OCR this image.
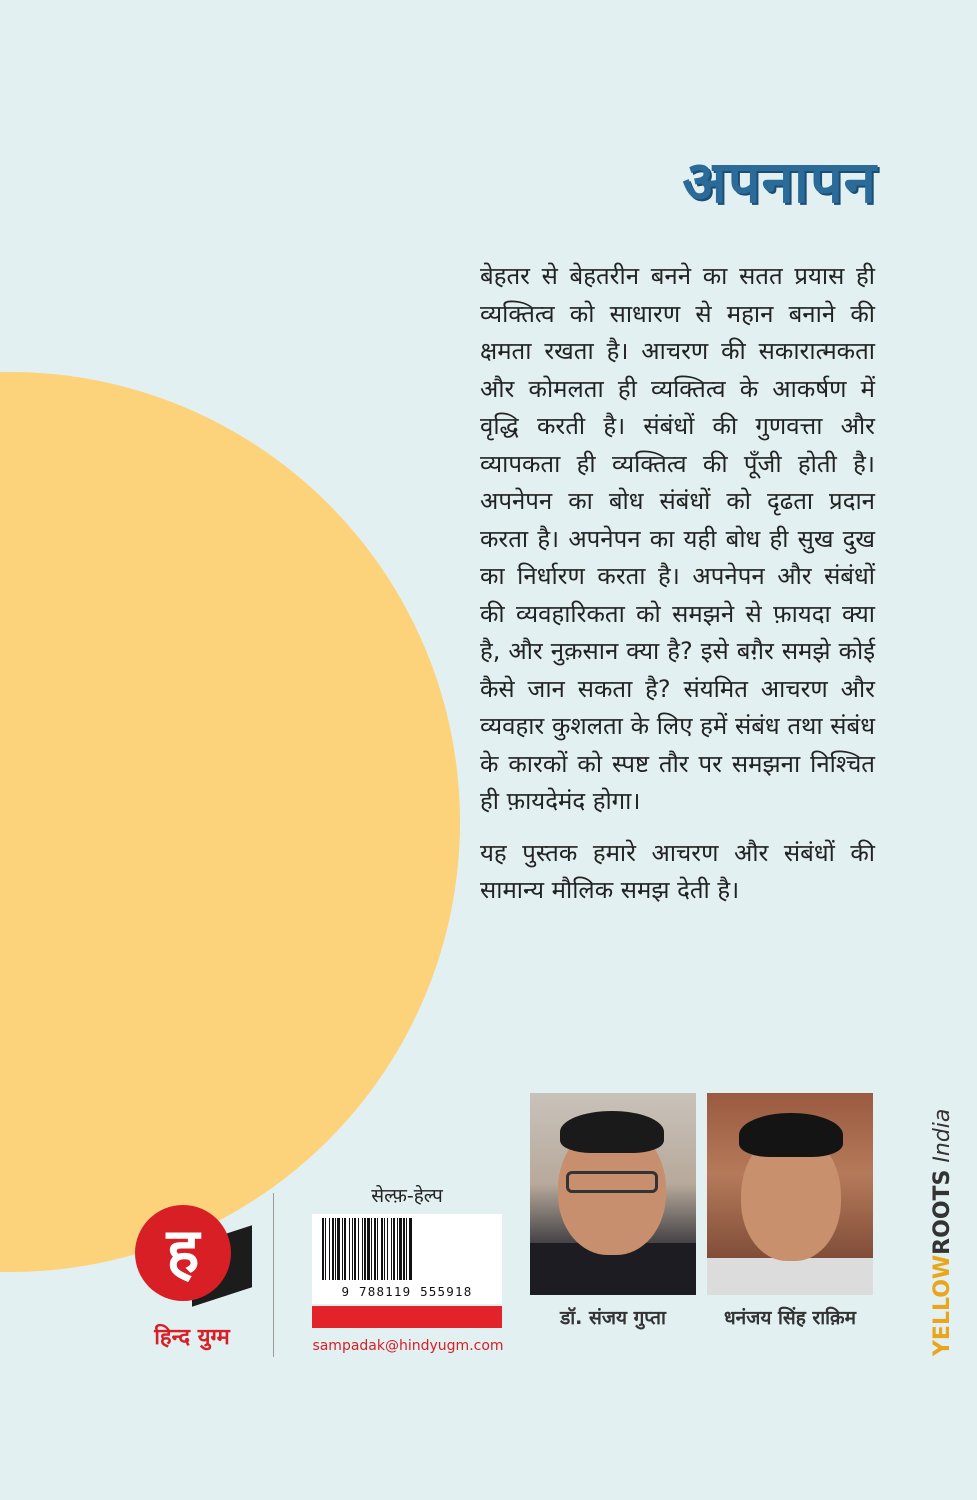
अपनापन

बेहतर से बेहतरीन बनने का सतत प्रयास ही व्यक्तित्व को साधारण से महान बनाने की क्षमता रखता है। आचरण की सकारात्मकता और कोमलता ही व्यक्तित्व के आकर्षण में वृद्धि करती है। संबंधों की गुणवत्ता और व्यापकता ही व्यक्तित्व की पूँजी होती है। अपनेपन का बोध संबंधों को दृढता प्रदान करता है। अपनेपन का यही बोध ही सुख दुख का निर्धारण करता है। अपनेपन और संबंधों की व्यवहारिकता को समझने से फ़ायदा क्या है, और नुक़सान क्या है? इसे बग़ैर समझे कोई कैसे जान सकता है? संयमित आचरण और व्यवहार कुशलता के लिए हमें संबंध तथा संबंध के कारकों को स्पष्ट तौर पर समझना निश्चित ही फ़ायदेमंद होगा।

यह पुस्तक हमारे आचरण और संबंधों की सामान्य मौलिक समझ देती है।

ह
हिन्द युग्म
सेल्फ़-हेल्प
9 788119 555918
sampadak@hindyugm.com
डॉ. संजय गुप्ता	धनंजय सिंह राक़िम	YELLOWROOTS India
